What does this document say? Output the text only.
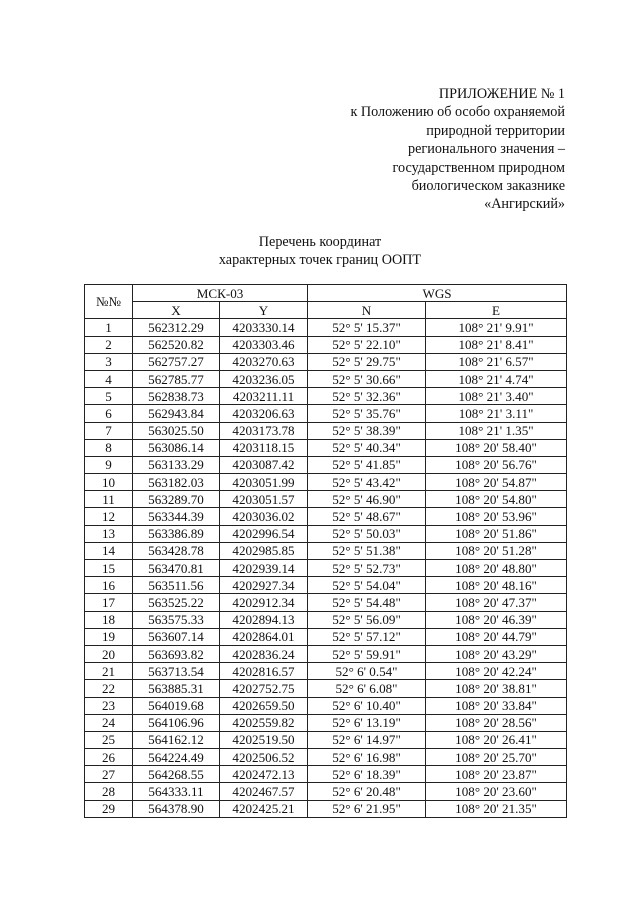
ПРИЛОЖЕНИЕ № 1
к Положению об особо охраняемой
природной территории
регионального значения –
государственном природном
биологическом заказнике
«Ангирский»
Перечень координат
характерных точек границ ООПТ
№№	МСК-03		WGS	
	X	Y	N	E
1	562312.29	4203330.14	52° 5' 15.37"	108° 21' 9.91"
2	562520.82	4203303.46	52° 5' 22.10"	108° 21' 8.41"
3	562757.27	4203270.63	52° 5' 29.75"	108° 21' 6.57"
4	562785.77	4203236.05	52° 5' 30.66"	108° 21' 4.74"
5	562838.73	4203211.11	52° 5' 32.36"	108° 21' 3.40"
6	562943.84	4203206.63	52° 5' 35.76"	108° 21' 3.11"
7	563025.50	4203173.78	52° 5' 38.39"	108° 21' 1.35"
8	563086.14	4203118.15	52° 5' 40.34"	108° 20' 58.40"
9	563133.29	4203087.42	52° 5' 41.85"	108° 20' 56.76"
10	563182.03	4203051.99	52° 5' 43.42"	108° 20' 54.87"
11	563289.70	4203051.57	52° 5' 46.90"	108° 20' 54.80"
12	563344.39	4203036.02	52° 5' 48.67"	108° 20' 53.96"
13	563386.89	4202996.54	52° 5' 50.03"	108° 20' 51.86"
14	563428.78	4202985.85	52° 5' 51.38"	108° 20' 51.28"
15	563470.81	4202939.14	52° 5' 52.73"	108° 20' 48.80"
16	563511.56	4202927.34	52° 5' 54.04"	108° 20' 48.16"
17	563525.22	4202912.34	52° 5' 54.48"	108° 20' 47.37"
18	563575.33	4202894.13	52° 5' 56.09"	108° 20' 46.39"
19	563607.14	4202864.01	52° 5' 57.12"	108° 20' 44.79"
20	563693.82	4202836.24	52° 5' 59.91"	108° 20' 43.29"
21	563713.54	4202816.57	52° 6' 0.54"	108° 20' 42.24"
22	563885.31	4202752.75	52° 6' 6.08"	108° 20' 38.81"
23	564019.68	4202659.50	52° 6' 10.40"	108° 20' 33.84"
24	564106.96	4202559.82	52° 6' 13.19"	108° 20' 28.56"
25	564162.12	4202519.50	52° 6' 14.97"	108° 20' 26.41"
26	564224.49	4202506.52	52° 6' 16.98"	108° 20' 25.70"
27	564268.55	4202472.13	52° 6' 18.39"	108° 20' 23.87"
28	564333.11	4202467.57	52° 6' 20.48"	108° 20' 23.60"
29	564378.90	4202425.21	52° 6' 21.95"	108° 20' 21.35"
